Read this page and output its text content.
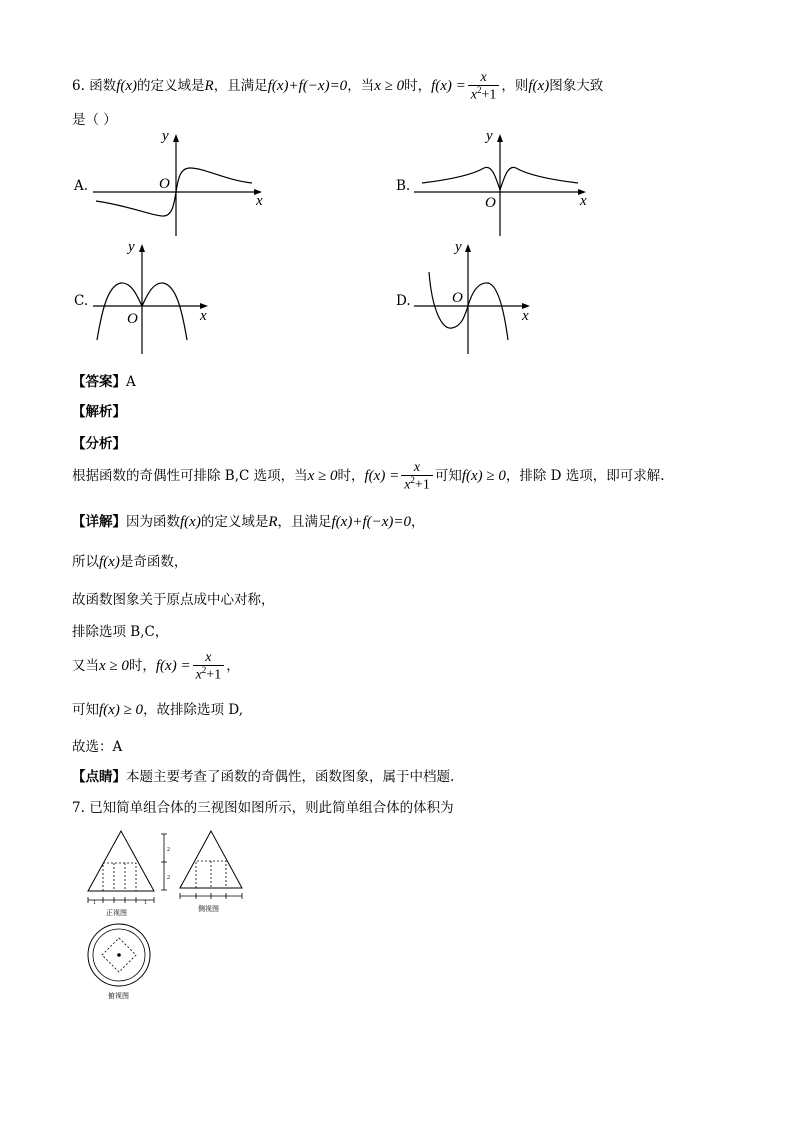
6. 函数f(x)的定义域是R，且满足f(x)+f(−x)=0，当x ≥ 0时，$f(x) = \frac{x}{x^2+1}$ ，则f(x)图象大致
是（ ）
A.	B.
C.	D.
y
x
O
y
x
O
y
x
O
y
x
O
【答案】A
【解析】
【分析】
根据函数的奇偶性可排除 B,C 选项，当x ≥ 0时，$f(x) = \frac{x}{x^2+1}$ 可知f(x) ≥ 0，排除 D 选项，即可求解.
【详解】因为函数f(x)的定义域是R，且满足f(x)+f(−x)=0，
所以f(x)是奇函数，
故函数图象关于原点成中心对称，
排除选项 B,C，
又当x ≥ 0时，$f(x) = \frac{x}{x^2+1}$ ，
可知f(x) ≥ 0，故排除选项 D,
故选：A
【点睛】本题主要考查了函数的奇偶性，函数图象，属于中档题.
7. 已知简单组合体的三视图如图所示，则此简单组合体的体积为
1	1
正视图
2
2
侧视图
俯视图
